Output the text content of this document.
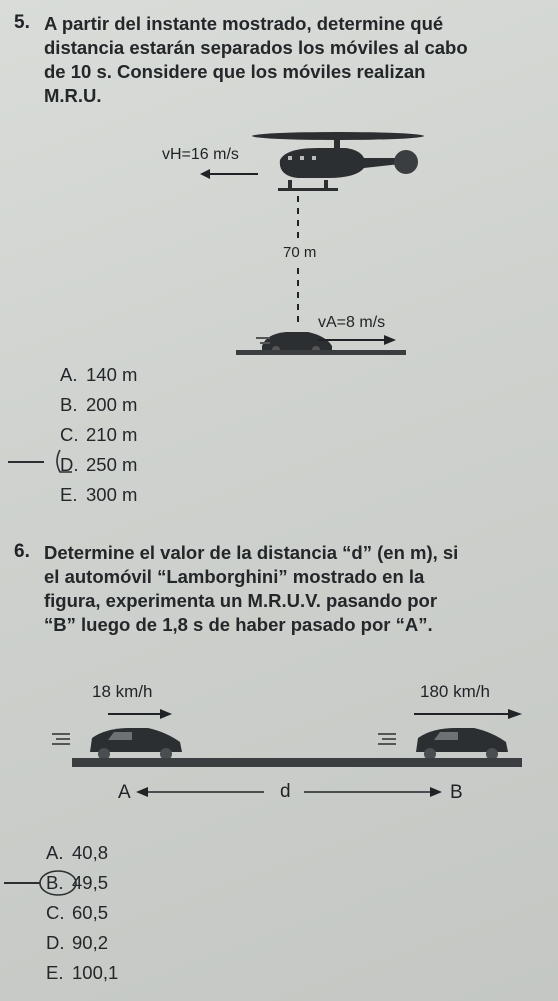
5. A partir del instante mostrado, determine qué
distancia estarán separados los móviles al cabo
de 10 s. Considere que los móviles realizan
M.R.U.
vH=16 m/s
70 m
vA=8 m/s
A. 140 m
B. 200 m
C. 210 m
D. 250 m
E. 300 m
6. Determine el valor de la distancia “d” (en m), si
el automóvil “Lamborghini” mostrado en la
figura, experimenta un M.R.U.V. pasando por
“B” luego de 1,8 s de haber pasado por “A”.
18 km/h	180 km/h
A	d	B
A. 40,8
B. 49,5
C. 60,5
D. 90,2
E. 100,1
